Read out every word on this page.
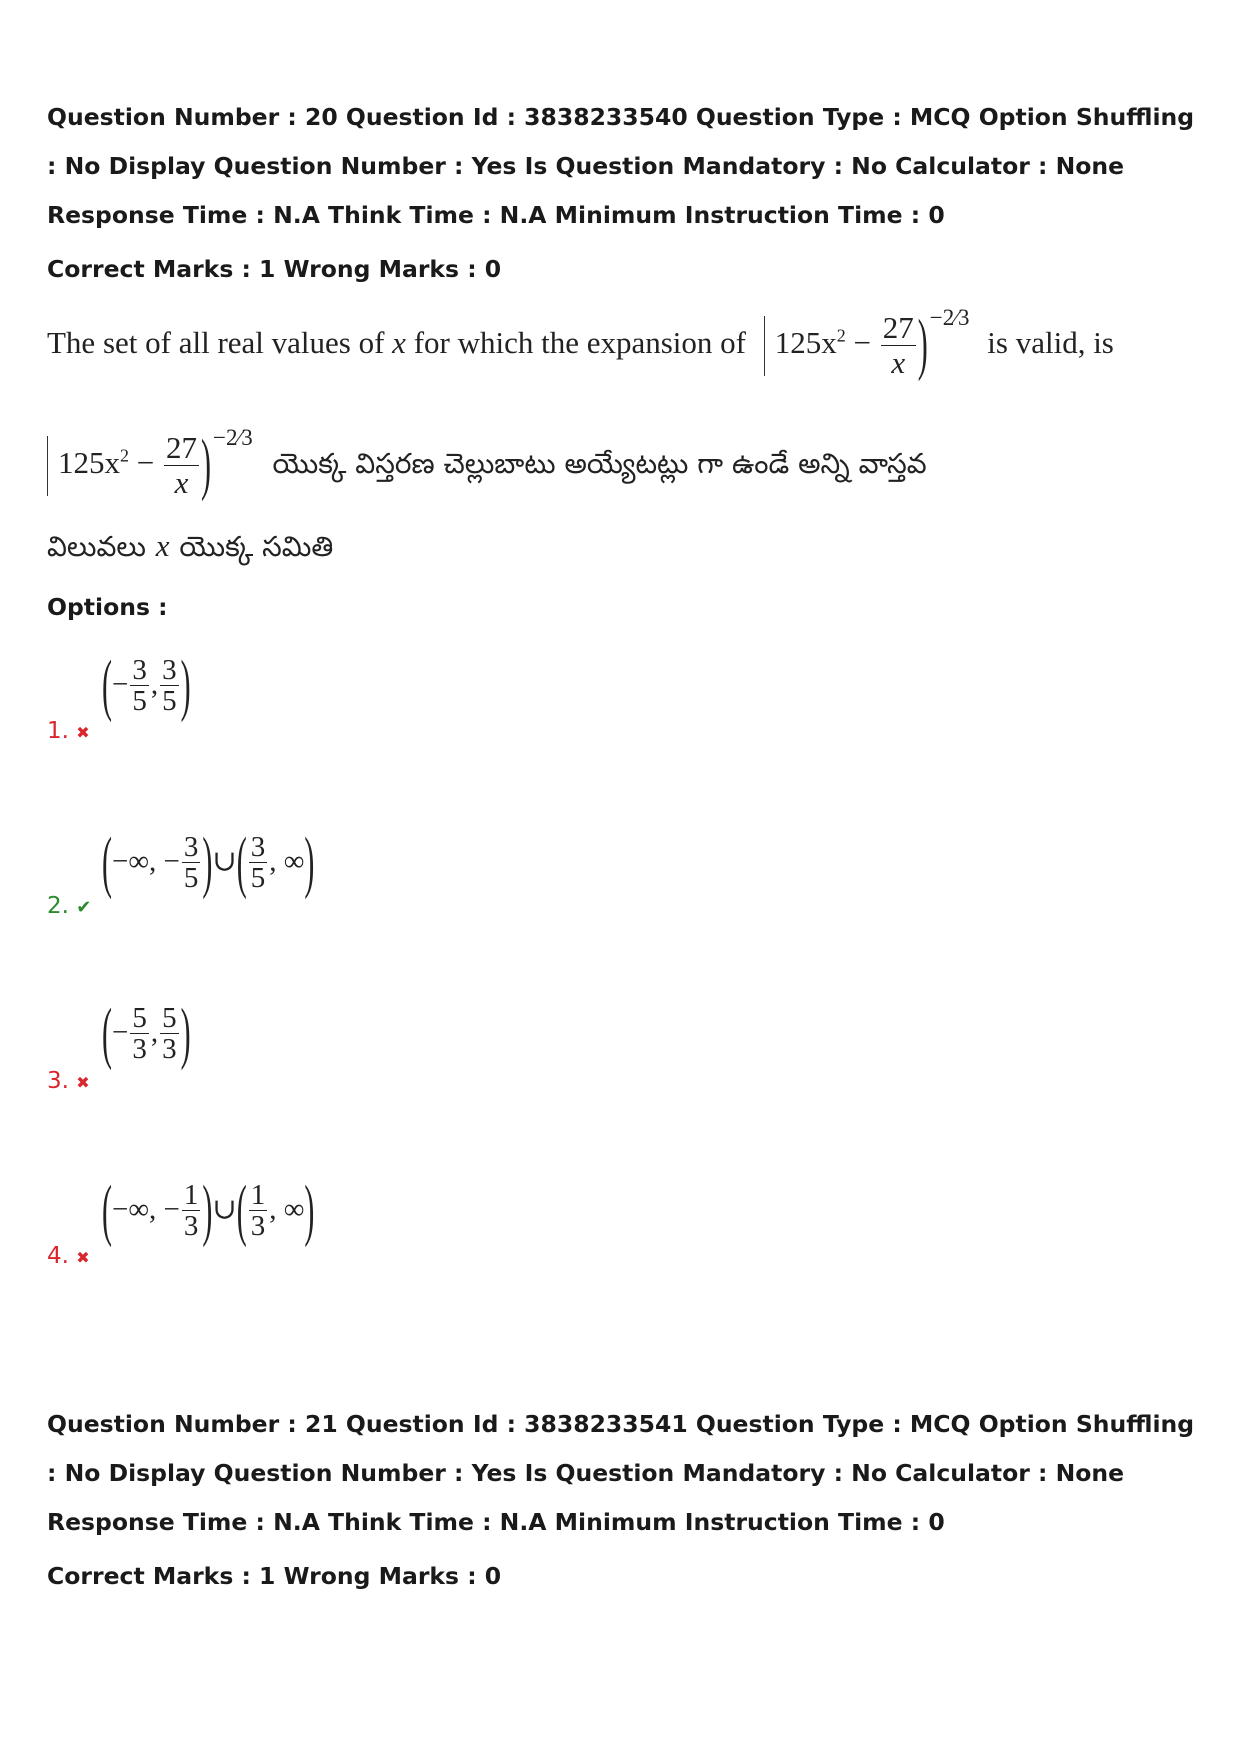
Question Number : 20 Question Id : 3838233540 Question Type : MCQ Option Shuffling : No Display Question Number : Yes Is Question Mandatory : No Calculator : None Response Time : N.A Think Time : N.A Minimum Instruction Time : 0
Correct Marks : 1 Wrong Marks : 0
The set of all real values of x for which the expansion of $125x^2 - \frac{27}{x} )^{-2⁄3}$ is valid, is
$125x^2 - \frac{27}{x} )^{-2⁄3}$ యొక్క విస్తరణ చెల్లుబాటు అయ్యేటట్లు గా ఉండే అన్ని వాస్తవ
విలువలు x యొక్క సమితి
Options :
1. ✖
(− $\frac{3}{5}$ , $\frac{3}{5}$ )
2. ✔
(−∞, − $\frac{3}{5}$ )∪( $\frac{3}{5}$ , ∞)
3. ✖
(− $\frac{5}{3}$ , $\frac{5}{3}$ )
4. ✖
(−∞, − $\frac{1}{3}$ )∪( $\frac{1}{3}$ , ∞)
Question Number : 21 Question Id : 3838233541 Question Type : MCQ Option Shuffling : No Display Question Number : Yes Is Question Mandatory : No Calculator : None Response Time : N.A Think Time : N.A Minimum Instruction Time : 0
Correct Marks : 1 Wrong Marks : 0
